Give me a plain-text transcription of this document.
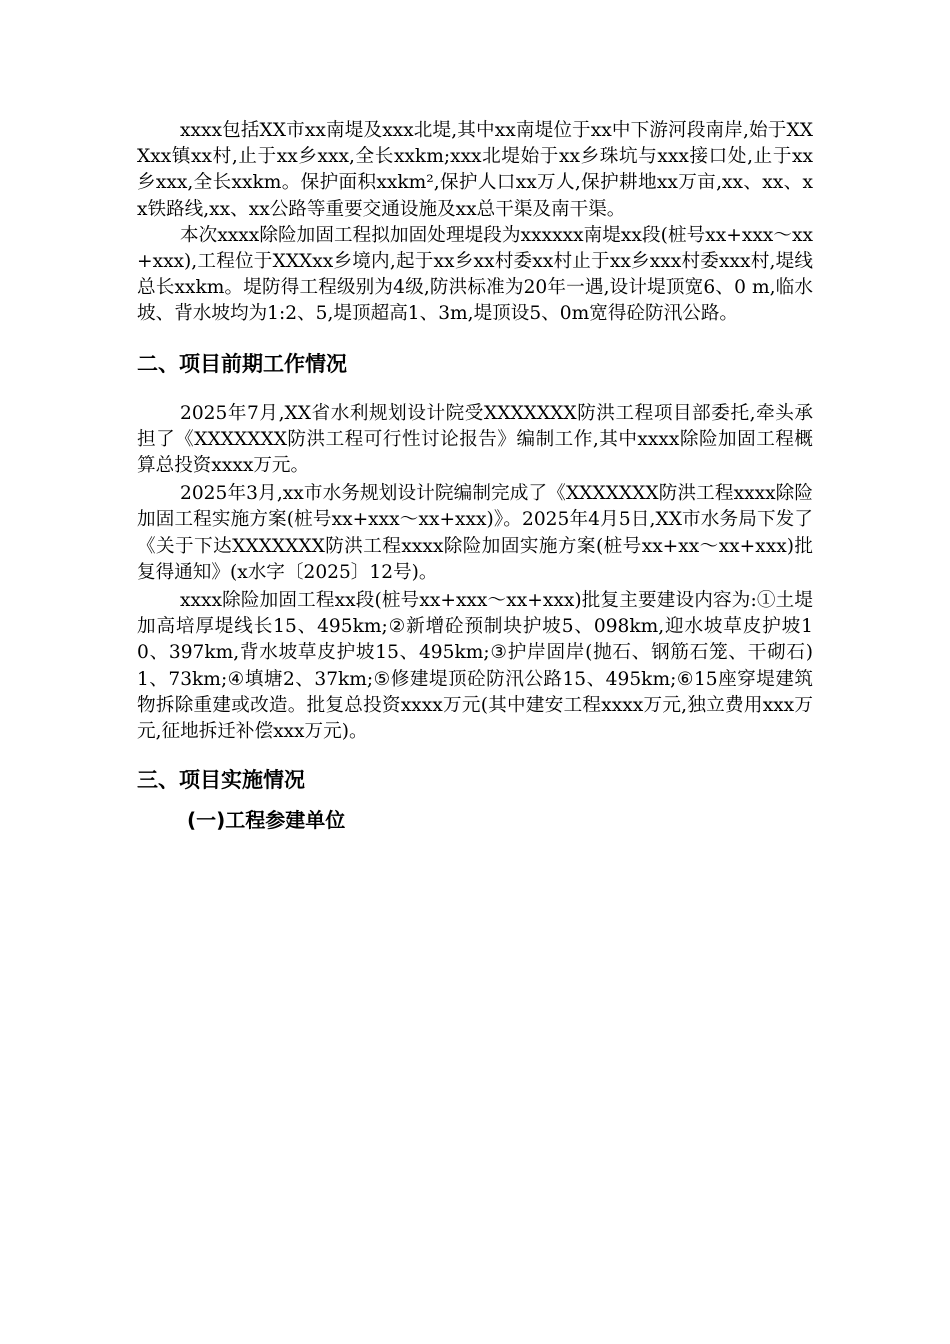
xxxx包括XX市xx南堤及xxx北堤,其中xx南堤位于xx中下游河段南岸,始于XXXxx镇xx村,止于xx乡xxx,全长xxkm;xxx北堤始于xx乡珠坑与xxx接口处,止于xx乡xxx,全长xxkm。保护面积xxkm²,保护人口xx万人,保护耕地xx万亩,xx、xx、xx铁路线,xx、xx公路等重要交通设施及xx总干渠及南干渠。

本次xxxx除险加固工程拟加固处理堤段为xxxxxx南堤xx段(桩号xx+xxx～xx+xxx),工程位于XXXxx乡境内,起于xx乡xx村委xx村止于xx乡xxx村委xxx村,堤线总长xxkm。堤防得工程级别为4级,防洪标准为20年一遇,设计堤顶宽6、0 m,临水坡、背水坡均为1:2、5,堤顶超高1、3m,堤顶设5、0m宽得砼防汛公路。

二、项目前期工作情况

2025年7月,XX省水利规划设计院受XXXXXXX防洪工程项目部委托,牵头承担了《XXXXXXX防洪工程可行性讨论报告》编制工作,其中xxxx除险加固工程概算总投资xxxx万元。

2025年3月,xx市水务规划设计院编制完成了《XXXXXXX防洪工程xxxx除险加固工程实施方案(桩号xx+xxx～xx+xxx)》。2025年4月5日,XX市水务局下发了《关于下达XXXXXXX防洪工程xxxx除险加固实施方案(桩号xx+xx～xx+xxx)批复得通知》(x水字〔2025〕12号)。

xxxx除险加固工程xx段(桩号xx+xxx～xx+xxx)批复主要建设内容为:①土堤加高培厚堤线长15、495km;②新增砼预制块护坡5、098km,迎水坡草皮护坡10、397km,背水坡草皮护坡15、495km;③护岸固岸(抛石、钢筋石笼、干砌石)1、73km;④填塘2、37km;⑤修建堤顶砼防汛公路15、495km;⑥15座穿堤建筑物拆除重建或改造。批复总投资xxxx万元(其中建安工程xxxx万元,独立费用xxx万元,征地拆迁补偿xxx万元)。

三、项目实施情况
(一)工程参建单位
